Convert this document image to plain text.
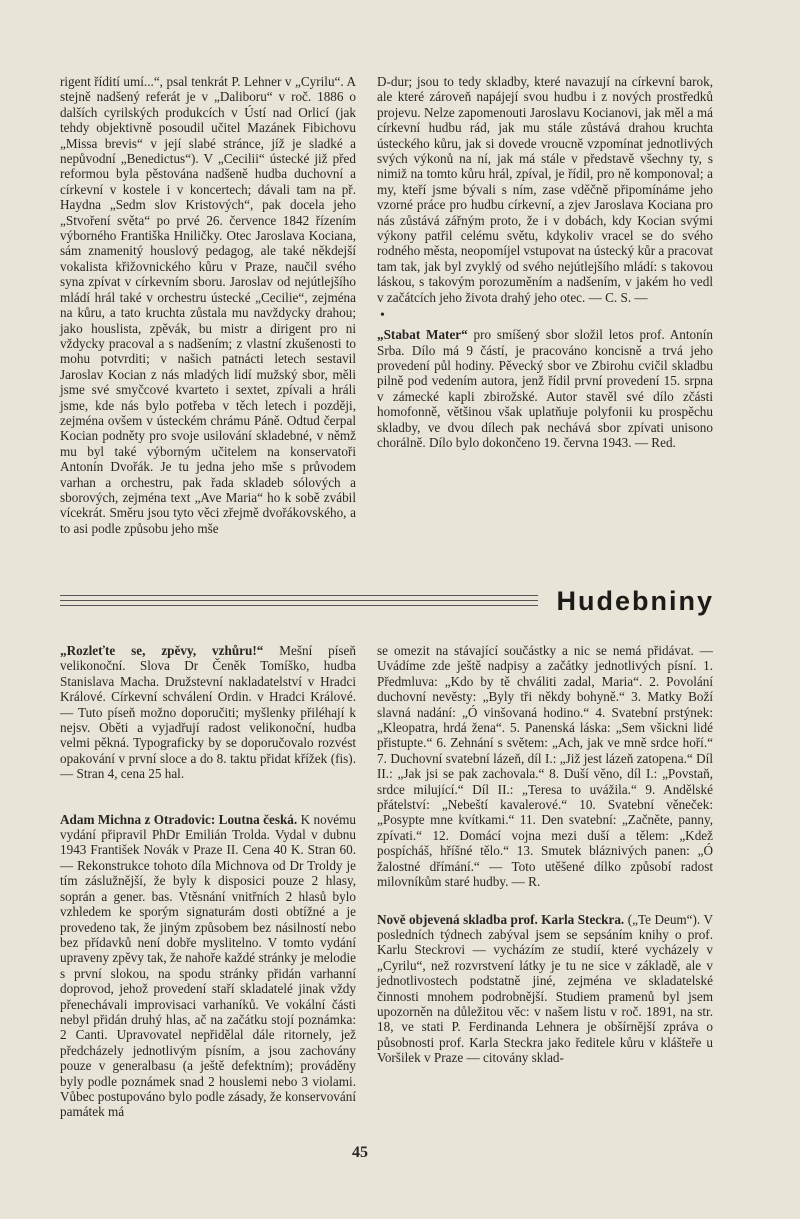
rigent řídití umí...“, psal tenkrát P. Lehner v „Cyrilu“. A stejně nadšený referát je v „Daliboru“ v roč. 1886 o dalších cyrilských produkcích v Ústí nad Orlicí (jak tehdy objektivně posoudil učitel Mazánek Fibichovu „Missa brevis“ v její slabé stránce, jíž je sladké a nepůvodní „Benedictus“). V „Cecilii“ ústecké již před reformou byla pěstována nadšeně hudba duchovní a církevní v kostele i v koncertech; dávali tam na př. Haydna „Sedm slov Kristových“, pak docela jeho „Stvoření světa“ po prvé 26. července 1842 řízením výborného Františka Hniličky. Otec Jaroslava Kociana, sám znamenitý houslový pedagog, ale také někdejší vokalista křižovnického kůru v Praze, naučil svého syna zpívat v církevním sboru. Jaroslav od nejútlejšího mládí hrál také v orchestru ústecké „Cecilie“, zejména na kůru, a tato kruchta zůstala mu navždycky drahou; jako houslista, zpěvák, bu mistr a dirigent pro ni vždycky pracoval a s nadšením; z vlastní zkušenosti to mohu potvrditi; v našich patnácti letech sestavil Jaroslav Kocian z nás mladých lidí mužský sbor, měli jsme své smyčcové kvarteto i sextet, zpívali a hráli jsme, kde nás bylo potřeba v těch letech i později, zejména ovšem v ústeckém chrámu Páně. Odtud čerpal Kocian podněty pro svoje usilování skladebné, v němž mu byl také výborným učitelem na konservatoři Antonín Dvořák. Je tu jedna jeho mše s průvodem varhan a orchestru, pak řada skladeb sólových a sborových, zejména text „Ave Maria“ ho k sobě zvábil vícekrát. Směru jsou tyto věci zřejmě dvořákovského, a to asi podle způsobu jeho mše

D-dur; jsou to tedy skladby, které navazují na církevní barok, ale které zároveň napájejí svou hudbu i z nových prostředků projevu. Nelze zapomenouti Jaroslavu Kocianovi, jak měl a má církevní hudbu rád, jak mu stále zůstává drahou kruchta ústeckého kůru, jak si dovede vroucně vzpomínat jednotlivých svých výkonů na ní, jak má stále v představě všechny ty, s nimiž na tomto kůru hrál, zpíval, je řídil, pro ně komponoval; a my, kteří jsme bývali s ním, zase vděčně připomínáme jeho vzorné práce pro hudbu církevní, a zjev Jaroslava Kociana pro nás zůstává zářným proto, že i v dobách, kdy Kocian svými výkony patřil celému světu, kdykoliv vracel se do svého rodného města, neopomíjel vstupovat na ústecký kůr a pracovat tam tak, jak byl zvyklý od svého nejútlejšího mládí: s takovou láskou, s takovým porozuměním a nadšením, v jakém ho vedl v začátcích jeho života drahý jeho otec. — C. S. —

•

„Stabat Mater“ pro smíšený sbor složil letos prof. Antonín Srba. Dílo má 9 částí, je pracováno koncisně a trvá jeho provedení půl hodiny. Pěvecký sbor ve Zbirohu cvičil skladbu pilně pod vedením autora, jenž řídil první provedení 15. srpna v zámecké kapli zbirožské. Autor stavěl své dílo zčásti homofonně, většinou však uplatňuje polyfonii ku prospěchu skladby, ve dvou dílech pak nechává sbor zpívati unisono chorálně. Dílo bylo dokončeno 19. června 1943. — Red.

Hudebniny

„Rozleťte se, zpěvy, vzhůru!“ Mešní píseň velikonoční. Slova Dr Čeněk Tomíško, hudba Stanislava Macha. Družstevní nakladatelství v Hradci Králové. Církevní schválení Ordin. v Hradci Králové. — Tuto píseň možno doporučiti; myšlenky přiléhají k nejsv. Oběti a vyjadřují radost velikonoční, hudba velmi pěkná. Typograficky by se doporučovalo rozvést opakování v první sloce a do 8. taktu přidat křížek (fis). — Stran 4, cena 25 hal.

Adam Michna z Otradovic: Loutna česká. K novému vydání připravil PhDr Emilián Trolda. Vydal v dubnu 1943 František Novák v Praze II. Cena 40 K. Stran 60. — Rekonstrukce tohoto díla Michnova od Dr Troldy je tím záslužnější, že byly k disposici pouze 2 hlasy, soprán a gener. bas. Vtěsnání vnitřních 2 hlasů bylo vzhledem ke sporým signaturám dosti obtížné a je provedeno tak, že jiným způsobem bez násilností nebo bez přídavků není dobře myslitelno. V tomto vydání upraveny zpěvy tak, že nahoře každé stránky je melodie s první slokou, na spodu stránky přidán varhanní doprovod, jehož provedení staří skladatelé jinak vždy přenechávali improvisaci varhaníků. Ve vokální části nebyl přidán druhý hlas, ač na začátku stojí poznámka: 2 Canti. Upravovatel nepřidělal dále ritornely, jež předcházely jednotlivým písním, a jsou zachovány pouze v generalbasu (a ještě defektním); prováděny byly podle poznámek snad 2 houslemi nebo 3 violami. Vůbec postupováno bylo podle zásady, že konservování památek má

se omezit na stávající součástky a nic se nemá přidávat. — Uvádíme zde ještě nadpisy a začátky jednotlivých písní. 1. Předmluva: „Kdo by tě chváliti zadal, Maria“. 2. Povolání duchovní nevěsty: „Byly tři někdy bohyně.“ 3. Matky Boží slavná nadání: „Ó vinšovaná hodino.“ 4. Svatební prstýnek: „Kleopatra, hrdá žena“. 5. Panenská láska: „Sem všickni lidé přistupte.“ 6. Zehnání s světem: „Ach, jak ve mně srdce hoří.“ 7. Duchovní svatební lázeň, díl I.: „Již jest lázeň zatopena.“ Díl II.: „Jak jsi se pak zachovala.“ 8. Duší věno, díl I.: „Povstaň, srdce milující.“ Díl II.: „Teresa to uvážila.“ 9. Andělské přátelství: „Nebeští kavalerové.“ 10. Svatební věneček: „Posypte mne kvítkami.“ 11. Den svatební: „Začněte, panny, zpívati.“ 12. Domácí vojna mezi duší a tělem: „Kdež pospícháš, hříšné tělo.“ 13. Smutek bláznivých panen: „Ó žalostné dřímání.“ — Toto utěšené dílko způsobí radost milovníkům staré hudby. — R.

Nově objevená skladba prof. Karla Steckra. („Te Deum“). V posledních týdnech zabýval jsem se sepsáním knihy o prof. Karlu Steckrovi — vycházím ze studií, které vycházely v „Cyrilu“, než rozvrstvení látky je tu ne sice v základě, ale v jednotlivostech podstatně jiné, zejména ve skladatelské činnosti mnohem podrobnější. Studiem pramenů byl jsem upozorněn na důležitou věc: v našem listu v roč. 1891, na str. 18, ve stati P. Ferdinanda Lehnera je obšírnější zpráva o působnosti prof. Karla Steckra jako ředitele kůru v klášteře u Voršilek v Praze — citovány sklad-

45
